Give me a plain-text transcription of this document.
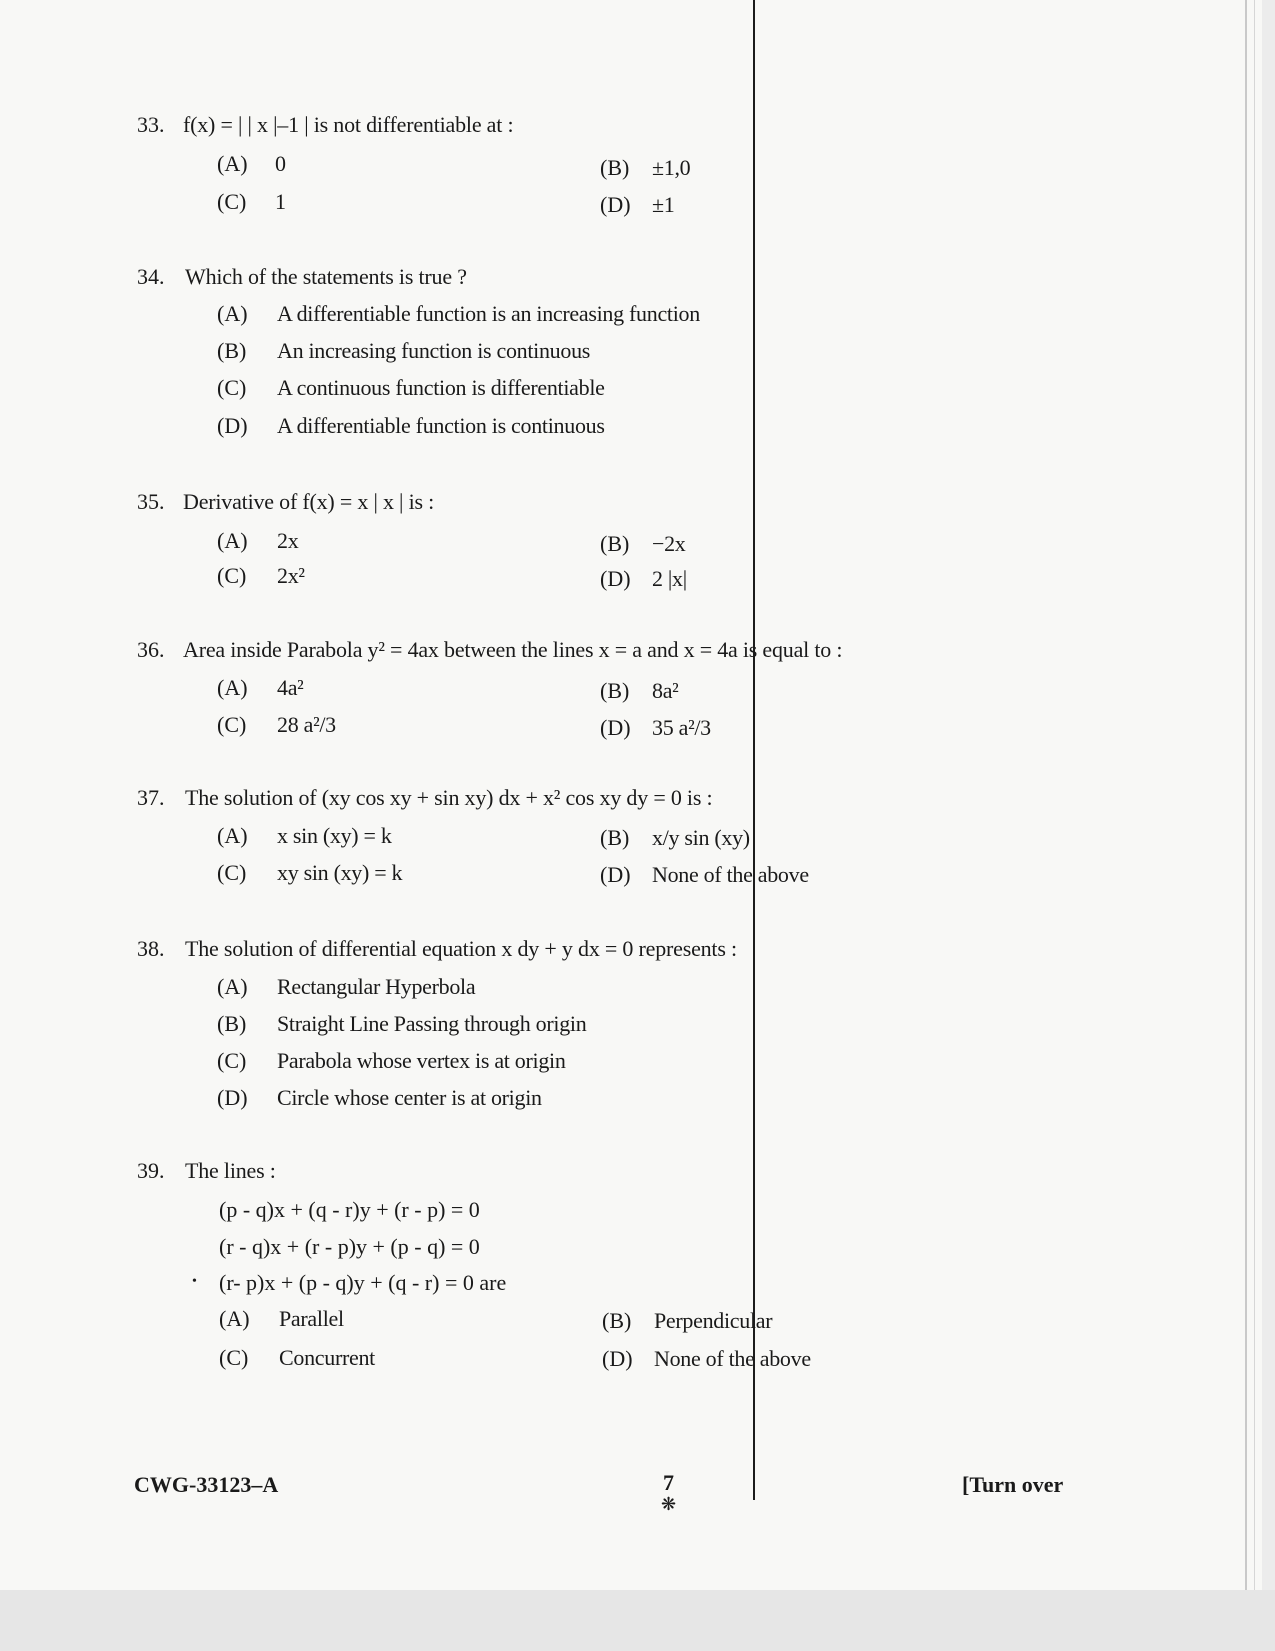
33. f(x) = | | x |–1 | is not differentiable at :
(A) 0	(B) ±1,0
(C) 1	(D) ±1
34. Which of the statements is true ?
(A) A differentiable function is an increasing function
(B) An increasing function is continuous
(C) A continuous function is differentiable
(D) A differentiable function is continuous
35. Derivative of f(x) = x | x | is :
(A) 2x	(B) −2x
(C) 2x²	(D) 2 |x|
36. Area inside Parabola y² = 4ax between the lines x = a and x = 4a is equal to :
(A) 4a²	(B) 8a²
(C) 28 a²/3	(D) 35 a²/3
37. The solution of (xy cos xy + sin xy) dx + x² cos xy dy = 0 is :
(A) x sin (xy) = k	(B) x/y sin (xy)
(C) xy sin (xy) = k	(D) None of the above
38. The solution of differential equation x dy + y dx = 0 represents :
(A) Rectangular Hyperbola
(B) Straight Line Passing through origin
(C) Parabola whose vertex is at origin
(D) Circle whose center is at origin
39. The lines :
(p - q)x + (q - r)y + (r - p) = 0
(r - q)x + (r - p)y + (p - q) = 0
• (r- p)x + (p - q)y + (q - r) = 0 are
(A) Parallel	(B) Perpendicular
(C) Concurrent	(D) None of the above
CWG-33123–A	7
❋
[Turn over
